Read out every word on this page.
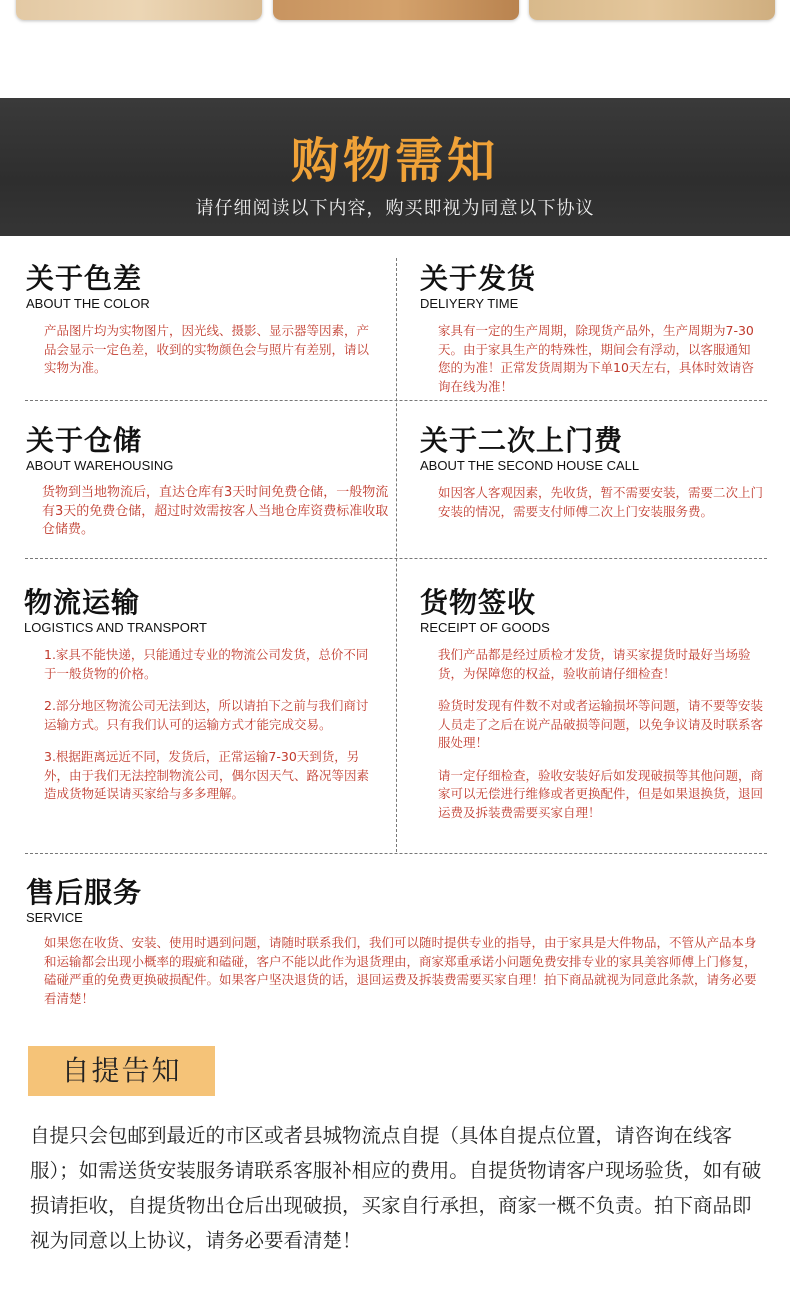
购物需知
请仔细阅读以下内容，购买即视为同意以下协议
关于色差
ABOUT THE COLOR

产品图片均为实物图片，因光线、摄影、显示器等因素，产品会显示一定色差，收到的实物颜色会与照片有差别，请以实物为准。

关于发货
DELIYERY TIME

家具有一定的生产周期，除现货产品外，生产周期为7-30天。由于家具生产的特殊性，期间会有浮动，以客服通知您的为准！正常发货周期为下单10天左右，具体时效请咨询在线为准！

关于仓储
ABOUT WAREHOUSING

货物到当地物流后，直达仓库有3天时间免费仓储，一般物流有3天的免费仓储，超过时效需按客人当地仓库资费标准收取仓储费。

关于二次上门费
ABOUT THE SECOND HOUSE CALL

如因客人客观因素，先收货，暂不需要安装，需要二次上门安装的情况，需要支付师傅二次上门安装服务费。

物流运输
LOGISTICS AND TRANSPORT

1.家具不能快递，只能通过专业的物流公司发货，总价不同于一般货物的价格。

2.部分地区物流公司无法到达，所以请拍下之前与我们商讨运输方式。只有我们认可的运输方式才能完成交易。

3.根据距离远近不同，发货后，正常运输7-30天到货，另外，由于我们无法控制物流公司，偶尔因天气、路况等因素造成货物延误请买家给与多多理解。

货物签收
RECEIPT OF GOODS

我们产品都是经过质检才发货，请买家提货时最好当场验货，为保障您的权益，验收前请仔细检查！

验货时发现有件数不对或者运输损坏等问题，请不要等安装人员走了之后在说产品破损等问题，以免争议请及时联系客服处理！

请一定仔细检查，验收安装好后如发现破损等其他问题，商家可以无偿进行维修或者更换配件，但是如果退换货，退回运费及拆装费需要买家自理！

售后服务
SERVICE

如果您在收货、安装、使用时遇到问题，请随时联系我们，我们可以随时提供专业的指导，由于家具是大件物品，不管从产品本身和运输都会出现小概率的瑕疵和磕碰，客户不能以此作为退货理由，商家郑重承诺小问题免费安排专业的家具美容师傅上门修复，磕碰严重的免费更换破损配件。如果客户坚决退货的话，退回运费及拆装费需要买家自理！拍下商品就视为同意此条款，请务必要看清楚！

自提告知
自提只会包邮到最近的市区或者县城物流点自提（具体自提点位置，请咨询在线客服）；如需送货安装服务请联系客服补相应的费用。自提货物请客户现场验货，如有破损请拒收，自提货物出仓后出现破损，买家自行承担，商家一概不负责。拍下商品即视为同意以上协议，请务必要看清楚！
